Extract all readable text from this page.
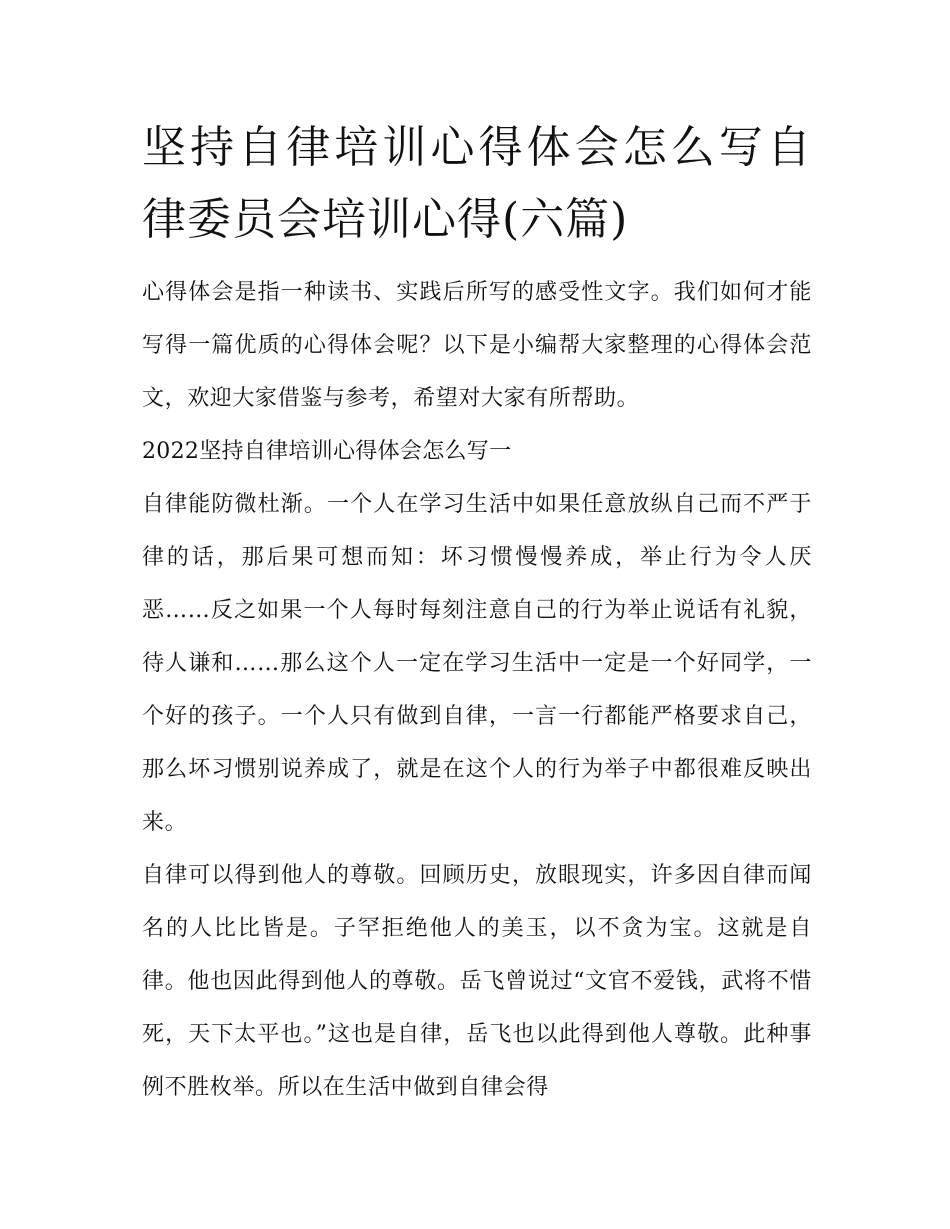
坚持自律培训心得体会怎么写自律委员会培训心得(六篇)

心得体会是指一种读书、实践后所写的感受性文字。我们如何才能写得一篇优质的心得体会呢？以下是小编帮大家整理的心得体会范文，欢迎大家借鉴与参考，希望对大家有所帮助。

2022坚持自律培训心得体会怎么写一

自律能防微杜渐。一个人在学习生活中如果任意放纵自己而不严于律的话，那后果可想而知：坏习惯慢慢养成，举止行为令人厌恶……反之如果一个人每时每刻注意自己的行为举止说话有礼貌，待人谦和……那么这个人一定在学习生活中一定是一个好同学，一个好的孩子。一个人只有做到自律，一言一行都能严格要求自己，那么坏习惯别说养成了，就是在这个人的行为举子中都很难反映出来。

自律可以得到他人的尊敬。回顾历史，放眼现实，许多因自律而闻名的人比比皆是。子罕拒绝他人的美玉，以不贪为宝。这就是自律。他也因此得到他人的尊敬。岳飞曾说过“文官不爱钱，武将不惜死，天下太平也。”这也是自律，岳飞也以此得到他人尊敬。此种事例不胜枚举。所以在生活中做到自律会得
